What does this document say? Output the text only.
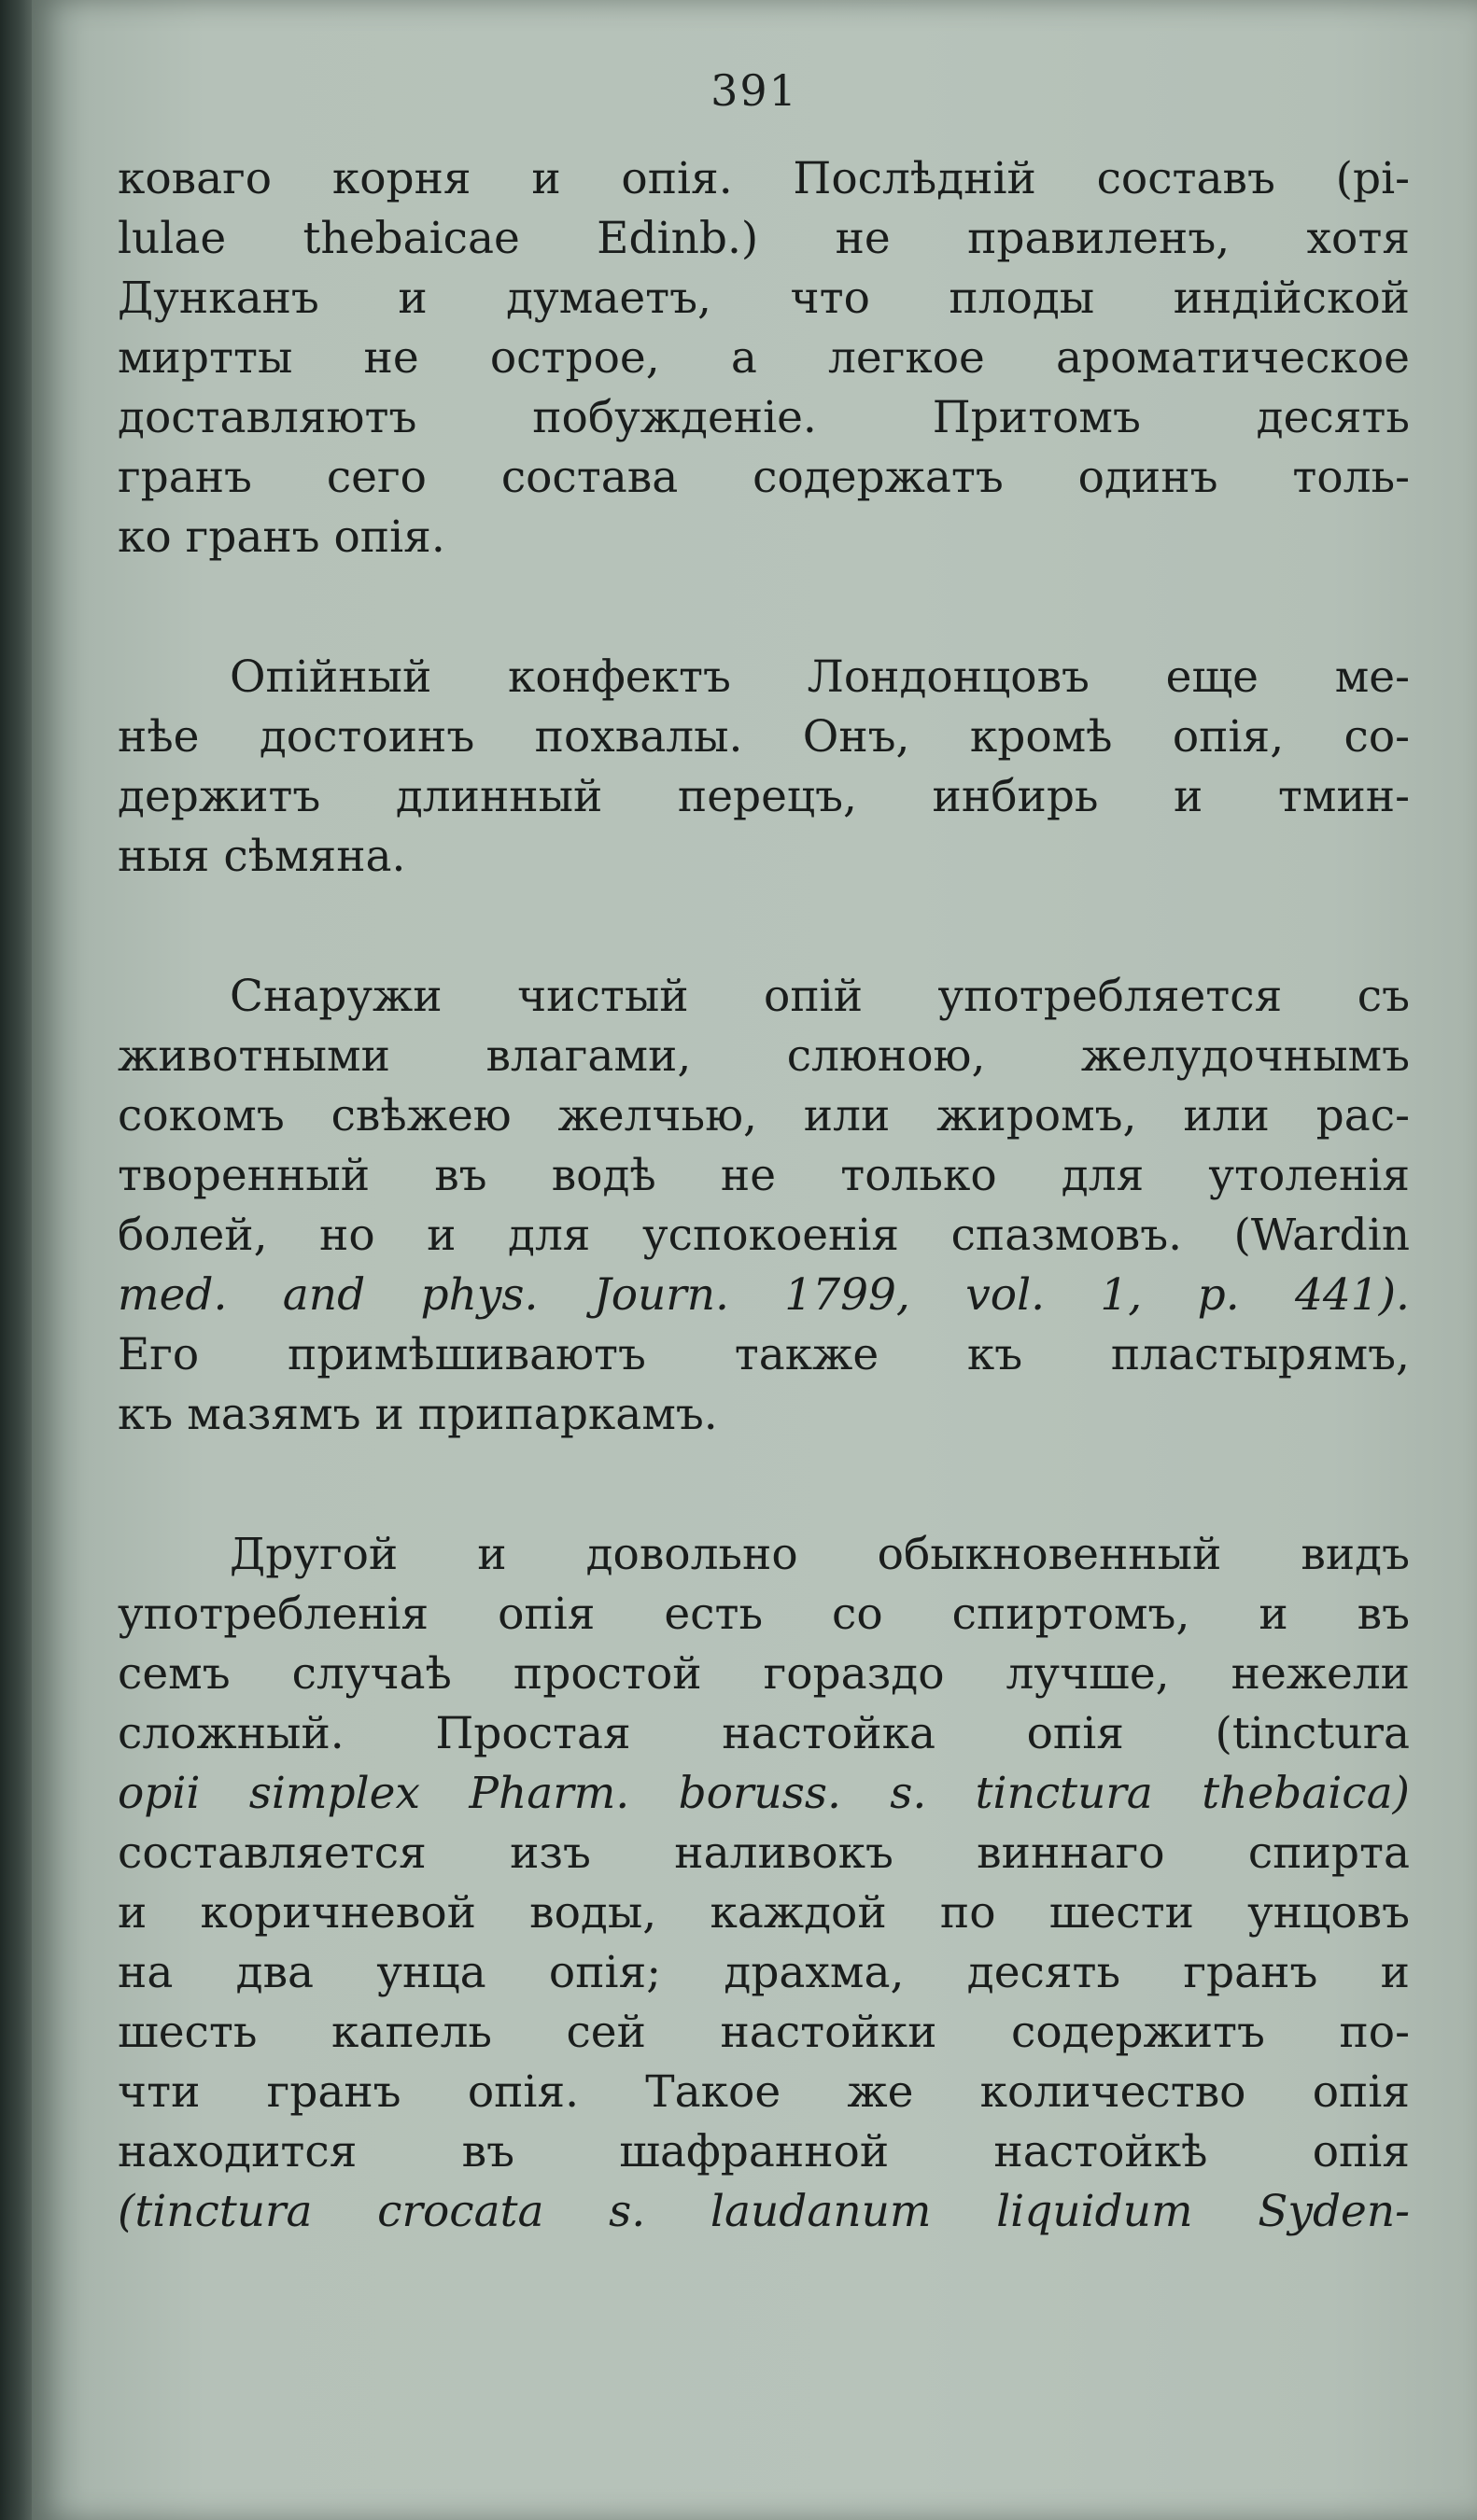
391
коваго корня и опія. Послѣдній составъ (pi-
lulae thebaicae Edinb.) не правиленъ, хотя
Дунканъ и думаетъ, что плоды индійской
миртты не острое, а легкое ароматическое
доставляютъ побужденіе. Притомъ десять
гранъ сего состава содержатъ одинъ толь-
ко гранъ опія.
Опійный конфектъ Лондонцовъ еще ме-
нѣе достоинъ похвалы. Онъ, кромѣ опія, со-
держитъ длинный перецъ, инбирь и тмин-
ныя сѣмяна.
Снаружи чистый опій употребляется съ
животными влагами, слюною, желудочнымъ
сокомъ свѣжею желчью, или жиромъ, или рас-
творенный въ водѣ не только для утоленія
болей, но и для успокоенія спазмовъ. (Wardin
med. and phys. Journ. 1799, vol. 1, p. 441).
Его примѣшиваютъ также къ пластырямъ,
къ мазямъ и припаркамъ.
Другой и довольно обыкновенный видъ
употребленія опія есть со спиртомъ, и въ
семъ случаѣ простой гораздо лучше, нежели
сложный. Простая настойка опія (tinctura
opii simplex Pharm. boruss. s. tinctura thebaica)
составляется изъ наливокъ виннаго спирта
и коричневой воды, каждой по шести унцовъ
на два унца опія; драхма, десять гранъ и
шесть капель сей настойки содержитъ по-
чти гранъ опія. Такое же количество опія
находится въ шафранной настойкѣ опія
(tinctura crocata s. laudanum liquidum Syden-
